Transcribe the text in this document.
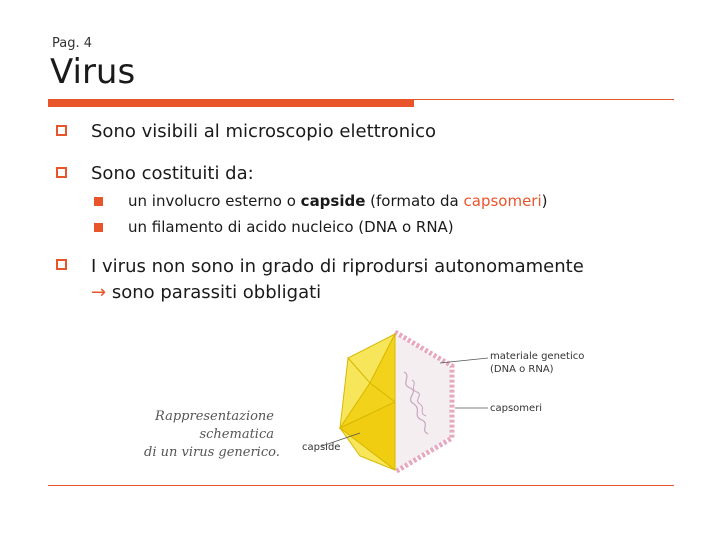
Pag. 4
Virus
Sono visibili al microscopio elettronico
Sono costituiti da:
un involucro esterno o capside (formato da capsomeri)
un filamento di acido nucleico (DNA o RNA)
I virus non sono in grado di riprodursi autonomamente
→ sono parassiti obbligati
Rappresentazione
schematica
di un virus generico.
materiale genetico
(DNA o RNA)
capsomeri
capside
